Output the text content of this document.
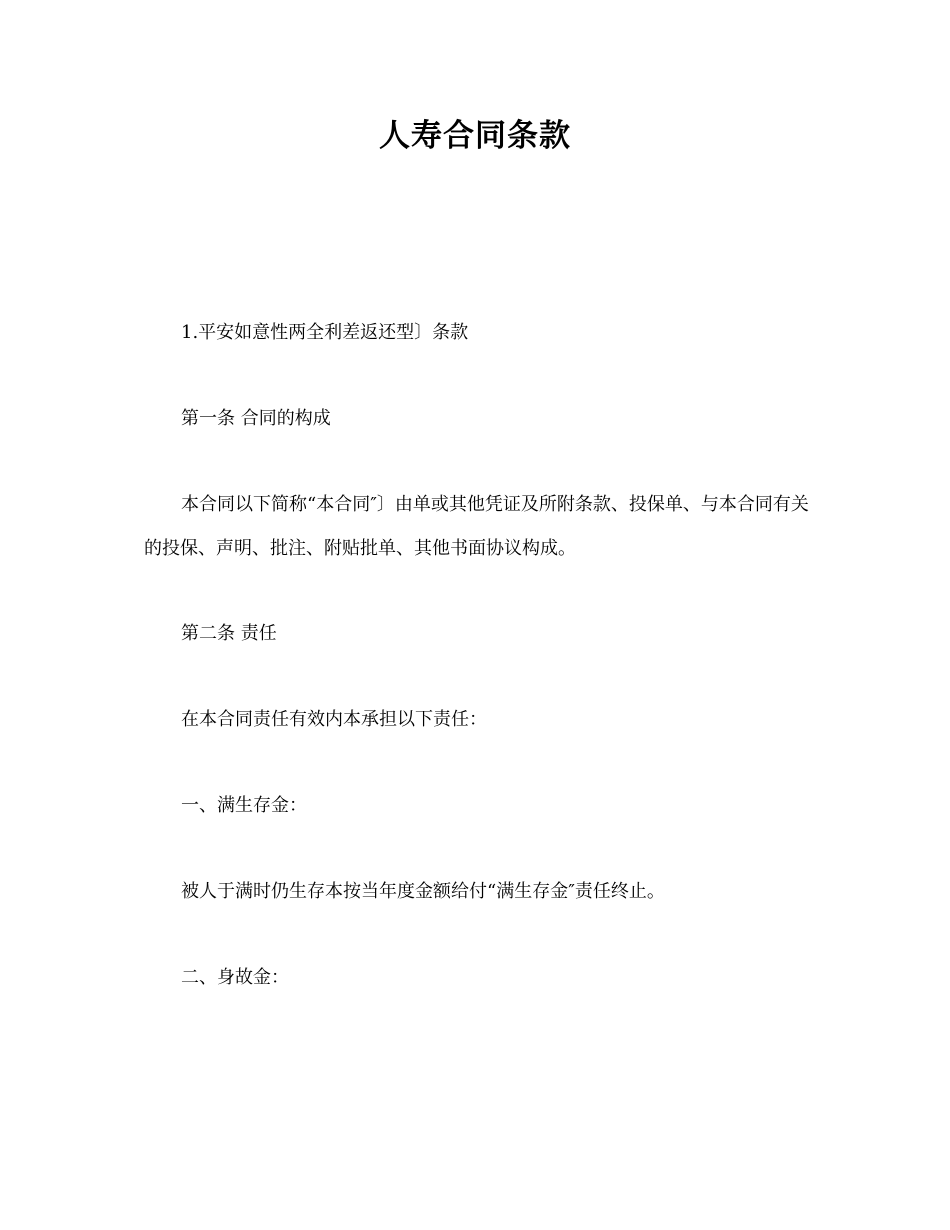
人寿合同条款

1.平安如意性两全利差返还型〕条款

第一条 合同的构成

本合同以下简称“本合同″〕由单或其他凭证及所附条款、投保单、与本合同有关的投保、声明、批注、附贴批单、其他书面协议构成。

第二条 责任

在本合同责任有效内本承担以下责任：

一、满生存金：

被人于满时仍生存本按当年度金额给付“满生存金″责任终止。

二、身故金：
